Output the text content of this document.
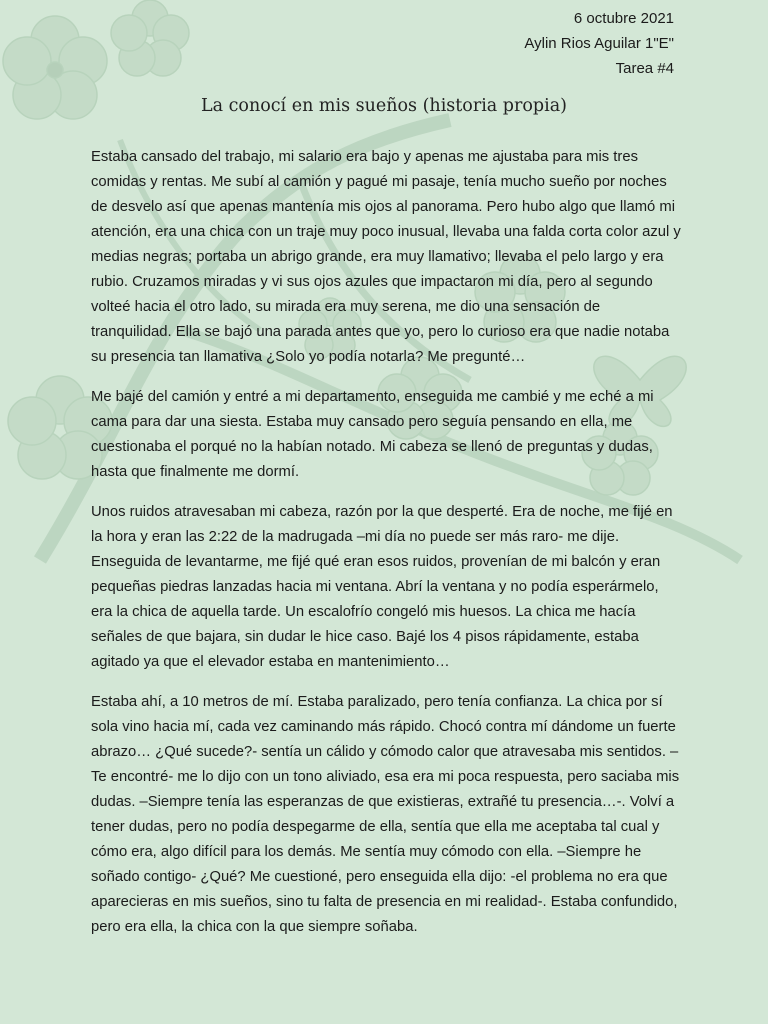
6 octubre 2021
Aylin Rios Aguilar 1"E"
Tarea #4
La conocí en mis sueños (historia propia)

Estaba cansado del trabajo, mi salario era bajo y apenas me ajustaba para mis tres comidas y rentas. Me subí al camión y pagué mi pasaje, tenía mucho sueño por noches de desvelo así que apenas mantenía mis ojos al panorama. Pero hubo algo que llamó mi atención, era una chica con un traje muy poco inusual, llevaba una falda corta color azul y medias negras; portaba un abrigo grande, era muy llamativo; llevaba el pelo largo y era rubio. Cruzamos miradas y vi sus ojos azules que impactaron mi día, pero al segundo volteé hacia el otro lado, su mirada era muy serena, me dio una sensación de tranquilidad. Ella se bajó una parada antes que yo, pero lo curioso era que nadie notaba su presencia tan llamativa ¿Solo yo podía notarla? Me pregunté…

Me bajé del camión y entré a mi departamento, enseguida me cambié y me eché a mi cama para dar una siesta. Estaba muy cansado pero seguía pensando en ella, me cuestionaba el porqué no la habían notado. Mi cabeza se llenó de preguntas y dudas, hasta que finalmente me dormí.

Unos ruidos atravesaban mi cabeza, razón por la que desperté. Era de noche, me fijé en la hora y eran las 2:22 de la madrugada –mi día no puede ser más raro- me dije. Enseguida de levantarme, me fijé qué eran esos ruidos, provenían de mi balcón y eran pequeñas piedras lanzadas hacia mi ventana. Abrí la ventana y no podía esperármelo, era la chica de aquella tarde. Un escalofrío congeló mis huesos. La chica me hacía señales de que bajara, sin dudar le hice caso. Bajé los 4 pisos rápidamente, estaba agitado ya que el elevador estaba en mantenimiento…

Estaba ahí, a 10 metros de mí. Estaba paralizado, pero tenía confianza. La chica por sí sola vino hacia mí, cada vez caminando más rápido. Chocó contra mí dándome un fuerte abrazo… ¿Qué sucede?- sentía un cálido y cómodo calor que atravesaba mis sentidos. –Te encontré- me lo dijo con un tono aliviado, esa era mi poca respuesta, pero saciaba mis dudas. –Siempre tenía las esperanzas de que existieras, extrañé tu presencia…-. Volví a tener dudas, pero no podía despegarme de ella, sentía que ella me aceptaba tal cual y cómo era, algo difícil para los demás. Me sentía muy cómodo con ella. –Siempre he soñado contigo- ¿Qué? Me cuestioné, pero enseguida ella dijo: -el problema no era que aparecieras en mis sueños, sino tu falta de presencia en mi realidad-. Estaba confundido, pero era ella, la chica con la que siempre soñaba.
